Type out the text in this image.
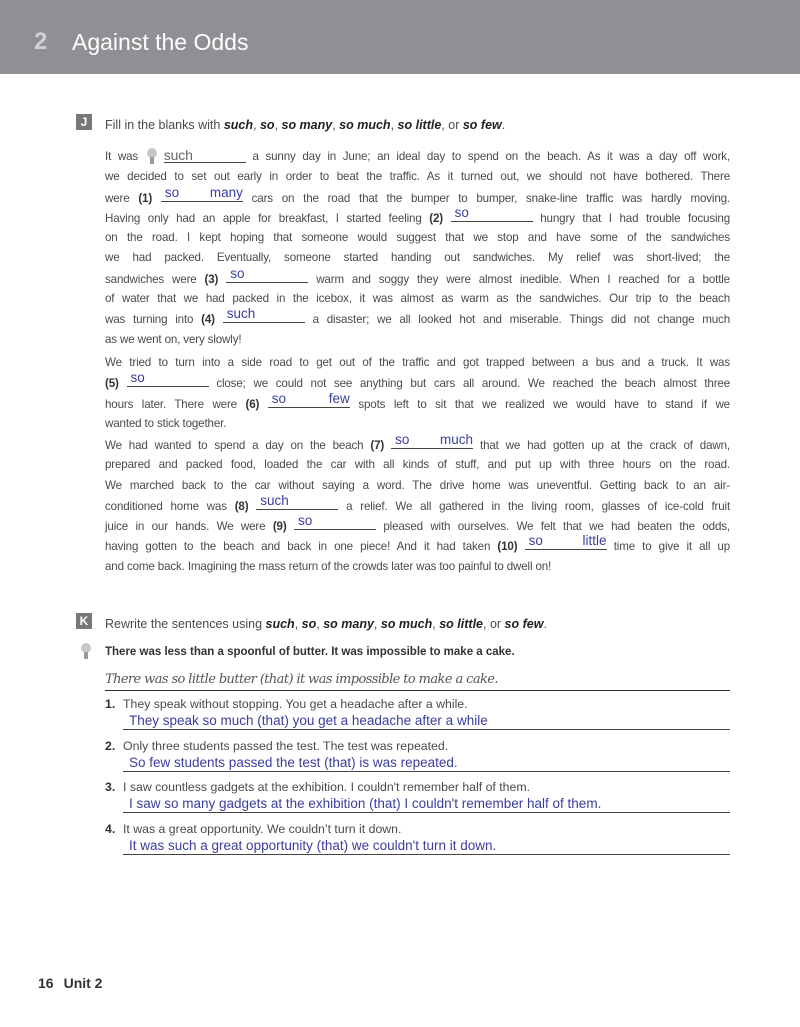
2 Against the Odds
J	Fill in the blanks with such, so, so many, so much, so little, or so few.
It was such	a sunny day in June; an ideal day to spend on the beach. As it was a day off work,
we decided to set out early in order to beat the traffic. As it turned out, we should not have bothered. There
were (1)
so many	cars on the road that the bumper to bumper, snake-line traffic was hardly moving.
Having only had an apple for breakfast, I started feeling (2)
so	hungry that I had trouble focusing
on the road. I kept hoping that someone would suggest that we stop and have some of the sandwiches
we had packed. Eventually, someone started handing out sandwiches. My relief was short-lived; the
sandwiches were (3)
so	warm and soggy they were almost inedible. When I reached for a bottle
of water that we had packed in the icebox, it was almost as warm as the sandwiches. Our trip to the beach
was turning into (4)
such	a disaster; we all looked hot and miserable. Things did not change much
as we went on, very slowly!
We tried to turn into a side road to get out of the traffic and got trapped between a bus and a truck. It was
(5)
so	close; we could not see anything but cars all around. We reached the beach almost three
hours later. There were (6)
so few	spots left to sit that we realized we would have to stand if we
wanted to stick together.
We had wanted to spend a day on the beach (7)
so much	that we had gotten up at the crack of dawn,
prepared and packed food, loaded the car with all kinds of stuff, and put up with three hours on the road.
We marched back to the car without saying a word. The drive home was uneventful. Getting back to an air-
conditioned home was (8)
such	a relief. We all gathered in the living room, glasses of ice-cold fruit
juice in our hands. We were (9)
so	pleased with ourselves. We felt that we had beaten the odds,
having gotten to the beach and back in one piece! And it had taken (10)
so little	time to give it all up
and come back. Imagining the mass return of the crowds later was too painful to dwell on!
K Rewrite the sentences using such, so, so many, so much, so little, or so few.
There was less than a spoonful of butter. It was impossible to make a cake.
There was so little butter (that) it was impossible to make a cake.
1. They speak without stopping. You get a headache after a while.
They speak so much (that) you get a headache after a while
2. Only three students passed the test. The test was repeated.
So few students passed the test (that) is was repeated.
3. I saw countless gadgets at the exhibition. I couldn't remember half of them.
I saw so many gadgets at the exhibition (that) I couldn't remember half of them.
4. It was a great opportunity. We couldn’t turn it down.
It was such a great opportunity (that) we couldn't turn it down.
16 Unit 2
